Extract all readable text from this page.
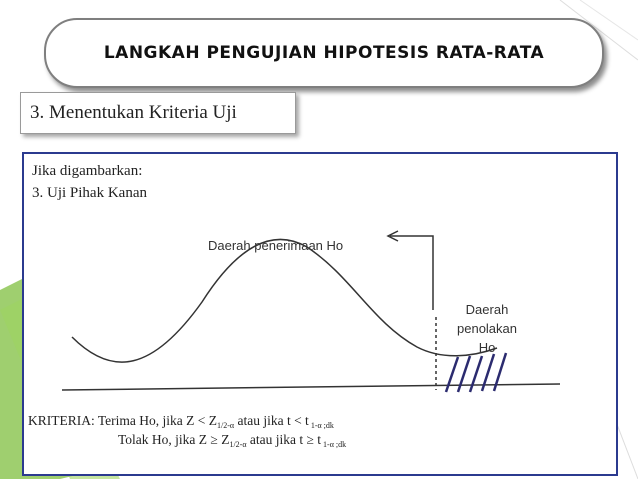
LANGKAH PENGUJIAN HIPOTESIS RATA-RATA
3. Menentukan Kriteria Uji
Jika digambarkan:
3. Uji Pihak Kanan
Daerah penerimaan Ho
Daerah
penolakan
Ho
KRITERIA: Terima Ho, jika $Z < Z_{1/2-\alpha}$ atau jika t < t $_{1-\alpha ;dk}$
Tolak Ho, jika $Z \ge Z_{1/2-\alpha}$ atau jika t ≥ t $_{1-\alpha ;dk}$
